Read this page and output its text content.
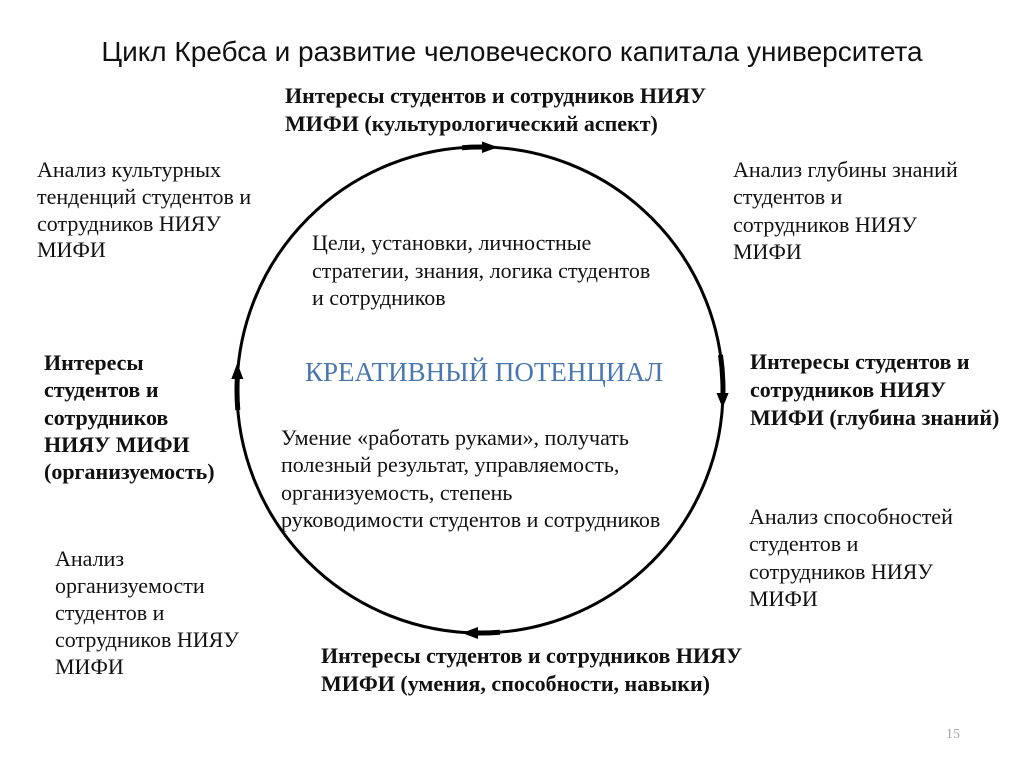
Цикл Кребса и развитие человеческого капитала университета
Интересы студентов и сотрудников НИЯУ
МИФИ (культурологический аспект)
Анализ культурных
тенденций студентов и
сотрудников НИЯУ
МИФИ
Анализ глубины знаний
студентов и
сотрудников НИЯУ
МИФИ
Цели, установки, личностные
стратегии, знания, логика студентов
и сотрудников
КРЕАТИВНЫЙ ПОТЕНЦИАЛ
Умение «работать руками», получать
полезный результат, управляемость,
организуемость, степень
руководимости студентов и сотрудников
Интересы
студентов и
сотрудников
НИЯУ МИФИ
(организуемость)
Интересы студентов и
сотрудников НИЯУ
МИФИ (глубина знаний)
Анализ способностей
студентов и
сотрудников НИЯУ
МИФИ
Анализ
организуемости
студентов и
сотрудников НИЯУ
МИФИ	Интересы студентов и сотрудников НИЯУ
МИФИ (умения, способности, навыки)
15
